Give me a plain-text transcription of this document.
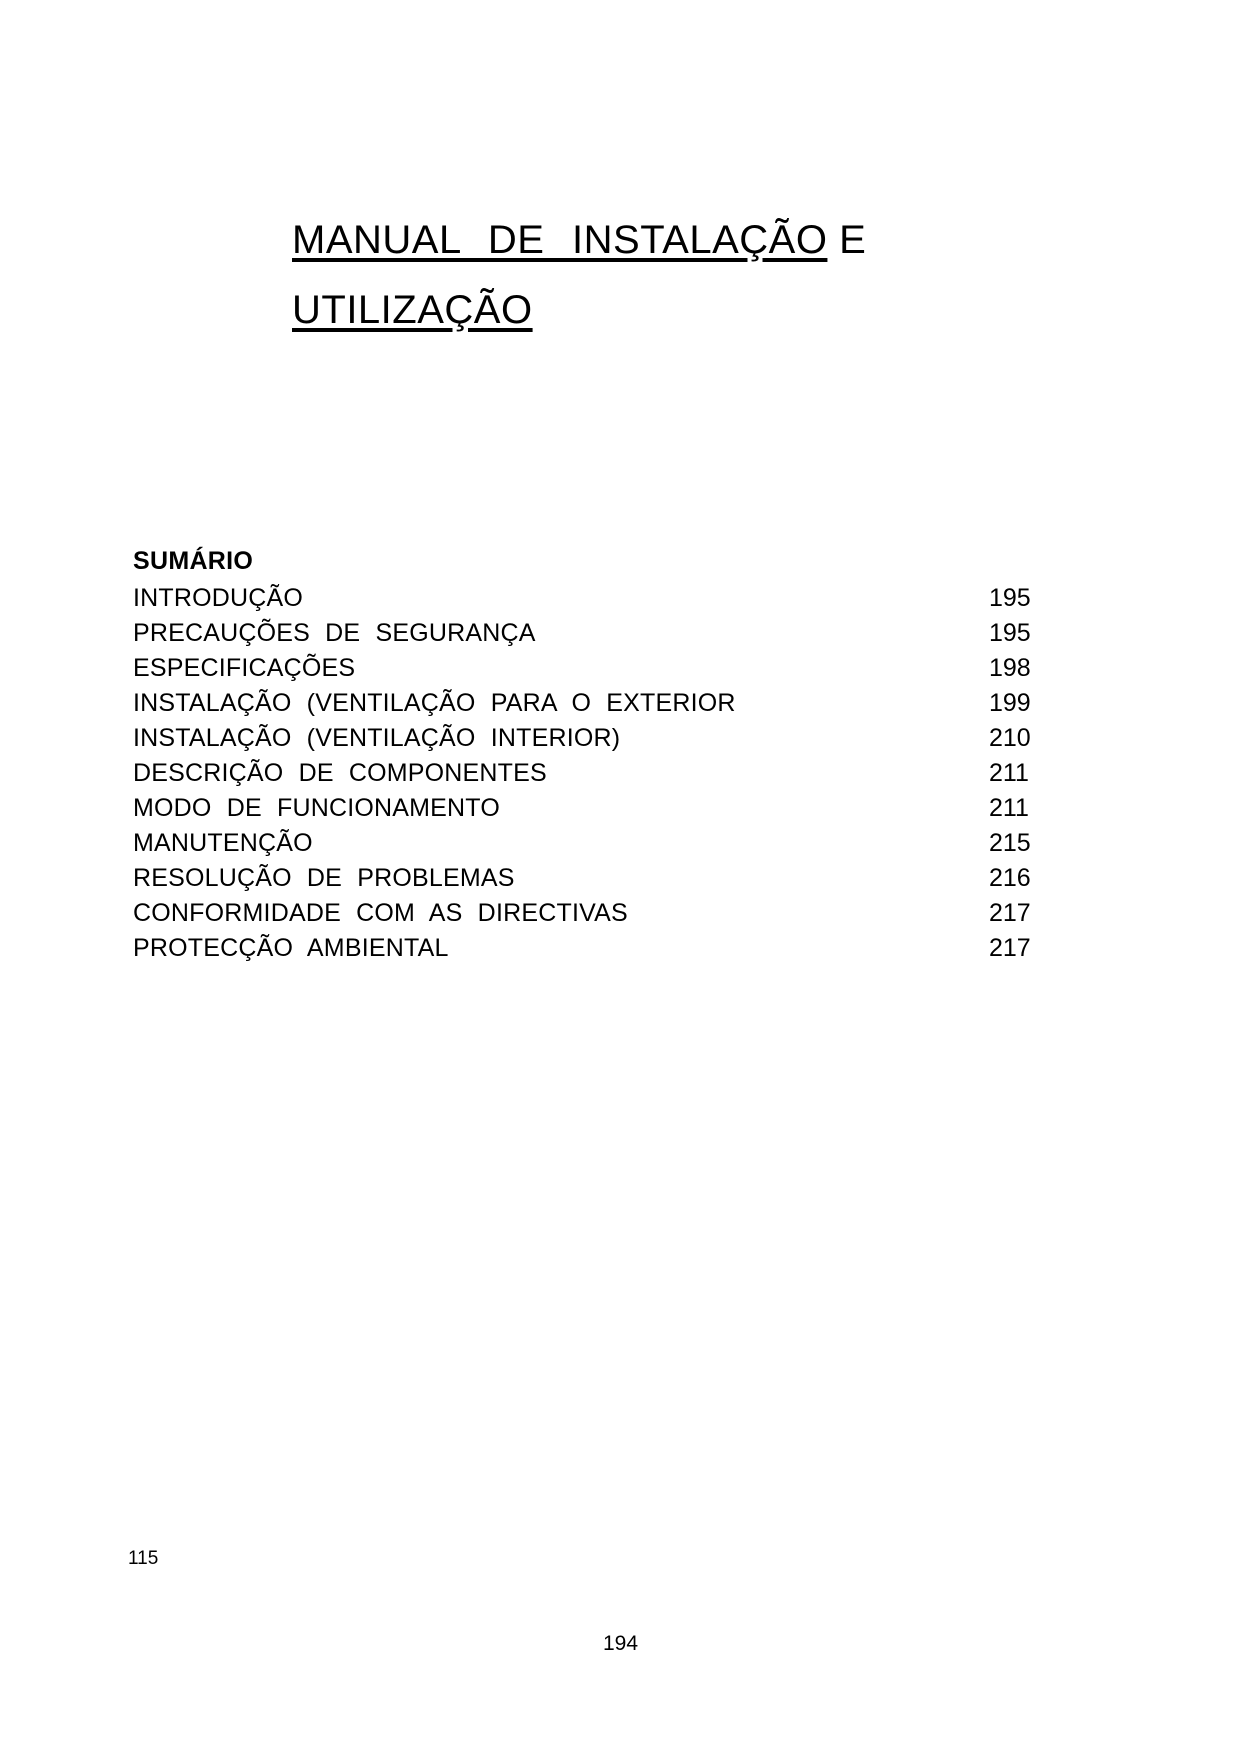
MANUAL DE INSTALAÇÃO E
UTILIZAÇÃO
SUMÁRIO
INTRODUÇÃO	195
PRECAUÇÕES DE SEGURANÇA	195
ESPECIFICAÇÕES	198
INSTALAÇÃO (VENTILAÇÃO PARA O EXTERIOR	199
INSTALAÇÃO (VENTILAÇÃO INTERIOR)	210
DESCRIÇÃO DE COMPONENTES	211
MODO DE FUNCIONAMENTO	211
MANUTENÇÃO	215
RESOLUÇÃO DE PROBLEMAS	216
CONFORMIDADE COM AS DIRECTIVAS	217
PROTECÇÃO AMBIENTAL	217
115
194
